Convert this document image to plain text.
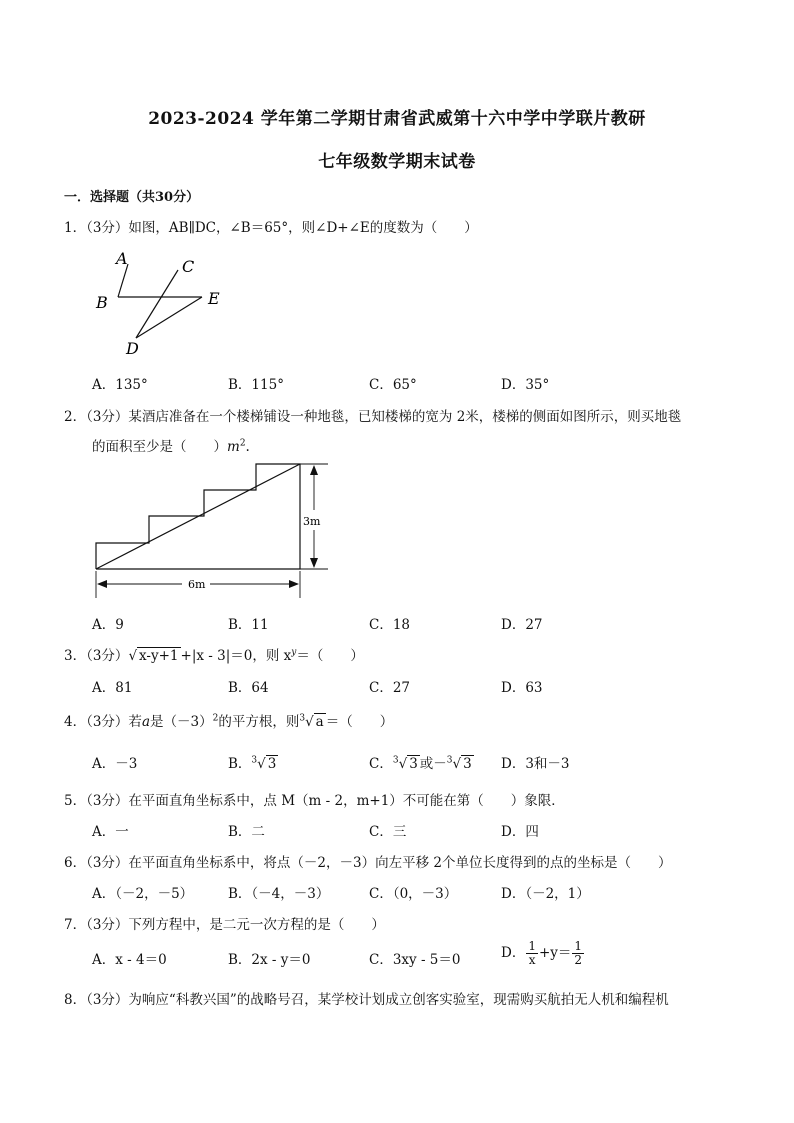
2023-2024 学年第二学期甘肃省武威第十六中学中学联片教研
七年级数学期末试卷
一．选择题（共30分）
1．（3分）如图，AB∥DC，∠B＝65°，则∠D+∠E的度数为（　　）
A	C
B	E
D
A．135°	B．115°	C．65°	D．35°
2．（3分）某酒店准备在一个楼梯铺设一种地毯，已知楼梯的宽为 2米，楼梯的侧面如图所示，则买地毯
的面积至少是（　　）$m^2$.
3m
6m
A．9	B．11	C．18	D．27
3．（3分）√ x-y+1 +|x - 3|＝0，则 $x^y=$（　　）
A．81	B．64	C．27	D．63
4．（3分）若a是$(-3)^2$的平方根，则$^3$√ a ＝（　　）
A．－3	B．$^3$√ 3	C．$^3$√ 3 或－$^3$√ 3 D．3和－3
5．（3分）在平面直角坐标系中，点 M（m - 2，m+1）不可能在第（　　）象限．
A．一	B．二	C．三	D．四
6．（3分）在平面直角坐标系中，将点（－2，－3）向左平移 2个单位长度得到的点的坐标是（　　）
A．（－2，－5）	B．（－4，－3）	C．（0，－3）	D．（－2，1）
7．（3分）下列方程中，是二元一次方程的是（　　）
A．x - 4＝0	B．2x - y＝0	C．3xy - 5＝0	D． $\frac{1}{x} +y= \frac{1}{2}$
8．（3分）为响应“科教兴国”的战略号召，某学校计划成立创客实验室，现需购买航拍无人机和编程机
